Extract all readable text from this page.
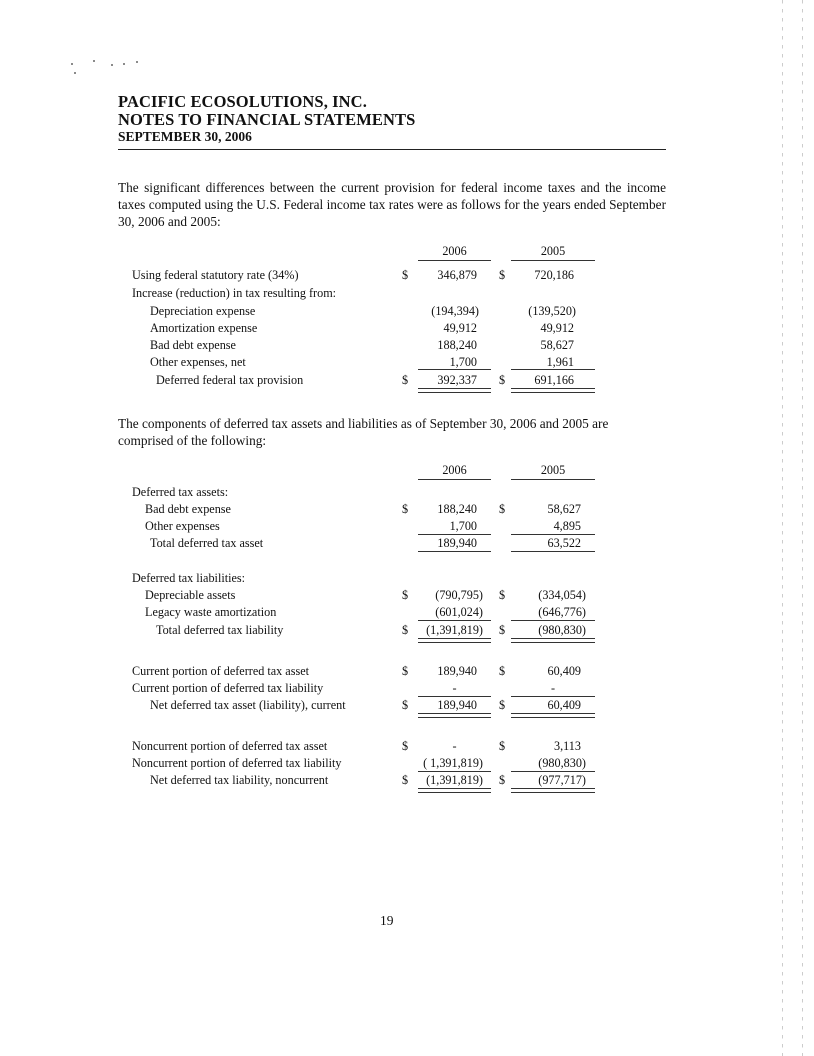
PACIFIC ECOSOLUTIONS, INC.
NOTES TO FINANCIAL STATEMENTS
SEPTEMBER 30, 2006
The significant differences between the current provision for federal income taxes and the income taxes computed using the U.S. Federal income tax rates were as follows for the years ended September 30, 2006 and 2005:
2006	2005
Using federal statutory rate (34%)	$	346,879 $	720,186
Increase (reduction) in tax resulting from:
Depreciation expense	(194,394)	(139,520)
Amortization expense	49,912	49,912
Bad debt expense	188,240	58,627
Other expenses, net	1,700	1,961
Deferred federal tax provision	$	392,337 $	691,166
The components of deferred tax assets and liabilities as of September 30, 2006 and 2005 are comprised of the following:
2006	2005
Deferred tax assets:
Bad debt expense	$	188,240 $	58,627
Other expenses	1,700	4,895
Total deferred tax asset	189,940	63,522
Deferred tax liabilities:
Depreciable assets	$	(790,795) $	(334,054)
Legacy waste amortization	(601,024)	(646,776)
Total deferred tax liability	$	(1,391,819) $	(980,830)
Current portion of deferred tax asset	$	189,940 $	60,409
Current portion of deferred tax liability	-	-
Net deferred tax asset (liability), current	$	189,940 $	60,409
Noncurrent portion of deferred tax asset	$	-	$	3,113
Noncurrent portion of deferred tax liability	( 1,391,819)	(980,830)
Net deferred tax liability, noncurrent	$	(1,391,819) $	(977,717)
19
